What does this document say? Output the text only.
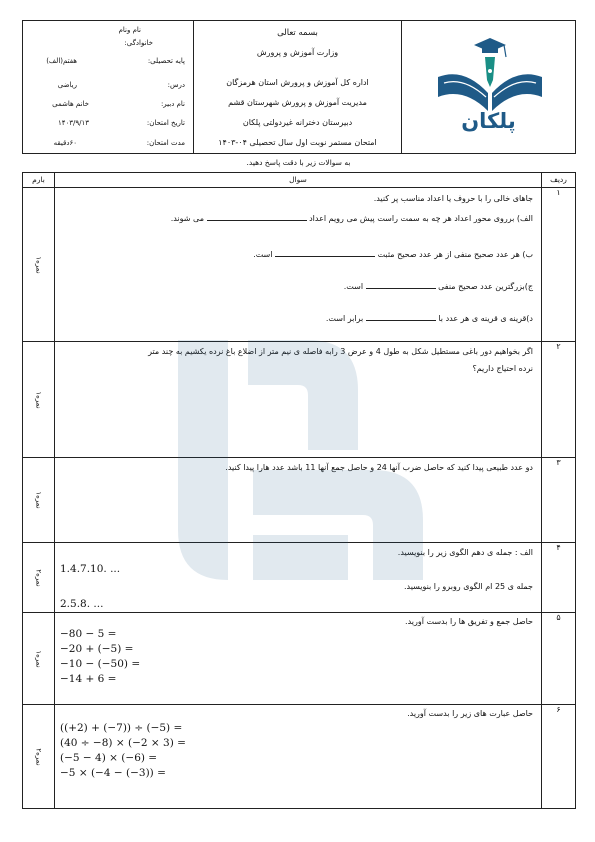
نام ونام
خانوادگی:
پایه تحصیلی:
هفتم(الف)
درس:
ریاضی
نام دبیر:
خانم هاشمی
تاریخ امتحان:
۱۴۰۳/۹/۱۳
مدت امتحان:
۶۰دقیقه

بسمه تعالی
وزارت آموزش و پرورش
اداره کل آموزش و پرورش استان هرمزگان
مدیریت آموزش و پرورش شهرستان قشم
دبیرستان دخترانه غیردولتی پلکان
امتحان مستمر نوبت اول سال تحصیلی ۰۴-۱۴۰۳

پلکان
به سوالات زیر با دقت پاسخ دهید.
بارم	سوال	ردیف
۱نمره	جاهای خالی را با حروف یا اعداد مناسب پر کنید.
الف) برروی محور اعداد هر چه به سمت راست پیش می رویم اعداد  می شوند.
ب) هر عدد صحیح منفی از هر عدد صحیح مثبت  است.
ج)بزرگترین عدد صحیح منفی  است.
د)قرینه ی قرینه ی هر عدد با  برابر است.	۱
۱نمره	اگر بخواهیم دور باغی مستطیل شکل به طول 4 و عرض 3 رابه فاصله ی نیم متر از اضلاع باغ نرده یکشیم به چند متر
نرده احتیاج داریم؟	۲
۱نمره	دو عدد طبیعی پیدا کنید که حاصل ضرب آنها 24 و حاصل جمع آنها 11 باشد عدد هارا پیدا کنید.	۳
۲نمره	الف : جمله ی دهم الگوی زیر را بنویسید.
1.4.7.10. ...
جمله ی 25 ام الگوی روبرو را بنویسید.
2.5.8. ...	۴
۱نمره	حاصل جمع و تفریق ها را بدست آورید.
−80 − 5 =
−20 + (−5) =
−10 − (−50) =
−14 + 6 =	۵
۲نمره	حاصل عبارت های زیر را بدست آورید.
((+2) + (−7)) ÷ (−5) =
(40 ÷ −8) × (−2 × 3) =
(−5 − 4) × (−6) =
−5 × (−4 − (−3)) =	۶
